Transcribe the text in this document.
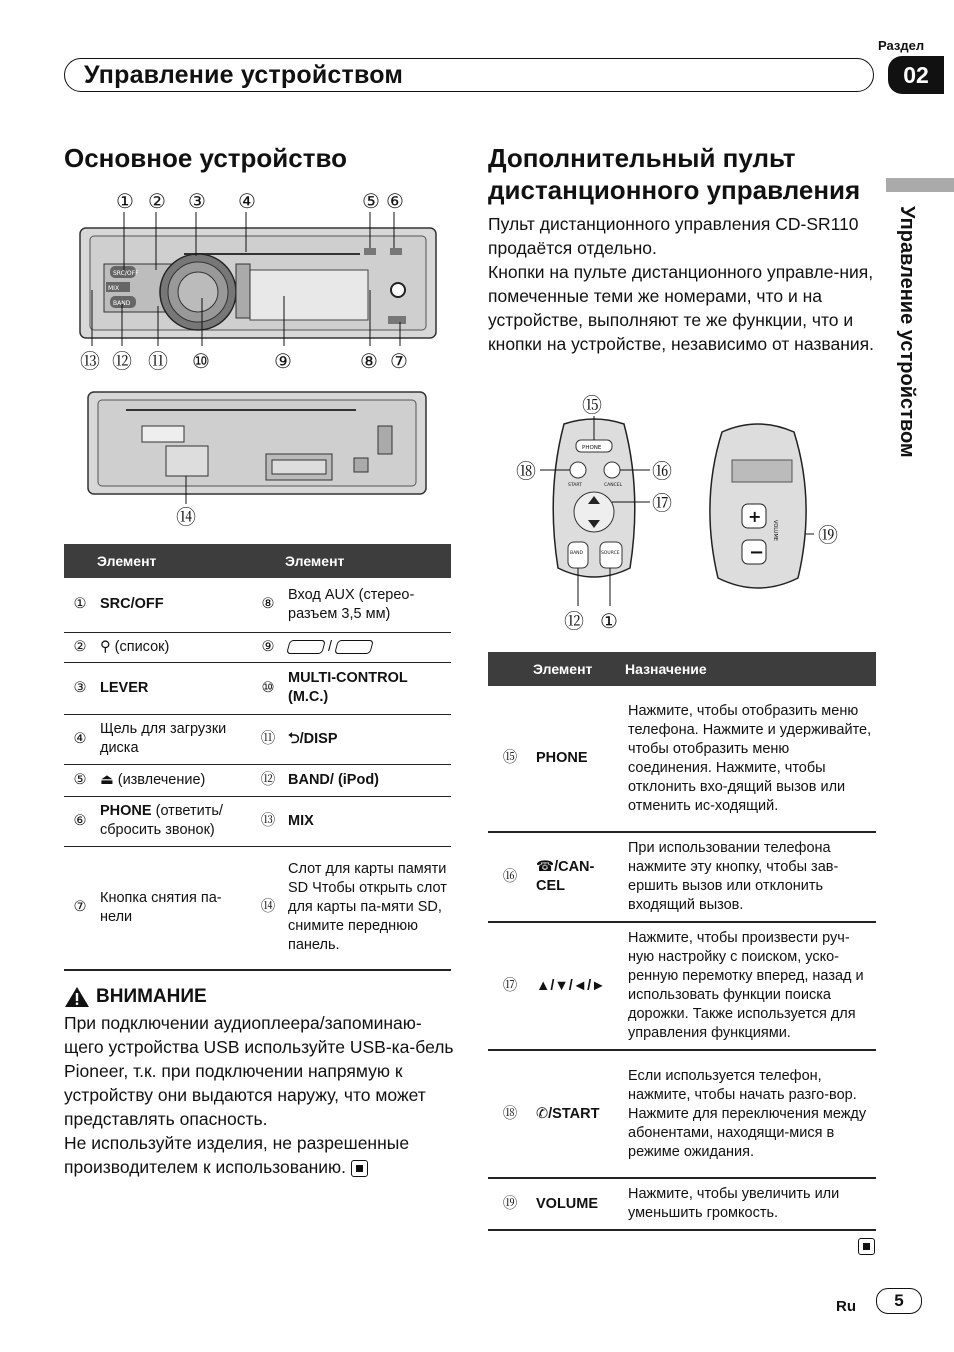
Раздел
Управление устройством	02
Управление устройством
Основное устройство
① ② ③ ④	⑤ ⑥
SRC/OFF
MIX
BAND
⑬ ⑫ ⑪ ⑩	⑨	⑧ ⑦
⑭
	Элемент		Элемент
①	SRC/OFF	⑧	Вход AUX (стерео-разъем 3,5 мм)
②	⚲ (список)	⑨	/
③	LEVER	⑩	MULTI-CONTROL (M.C.)
④	Щель для загрузки диска	⑪	⮌/DISP
⑤	⏏ (извлечение)	⑫	BAND/ (iPod)
⑥	PHONE (ответить/ сбросить звонок)	⑬	MIX
⑦	Кнопка снятия па-нели	⑭	Слот для карты памяти SD Чтобы открыть слот для карты па-мяти SD, снимите переднюю панель.
ВНИМАНИЕ
При подключении аудиоплеера/запоминаю-щего устройства USB используйте USB-ка-бель Pioneer, т.к. при подключении напрямую к устройству они выдаются наружу, что может представлять опасность.
Не используйте изделия, не разрешенные производителем к использованию.
Дополнительный пульт дистанционного управления
Пульт дистанционного управления CD-SR110 продаётся отдельно.
Кнопки на пульте дистанционного управле-ния, помеченные теми же номерами, что и на устройстве, выполняют те же функции, что и кнопки на устройстве, независимо от названия.
⑮
⑯
⑰
⑱
⑲
⑫ ①
PHONE
START	CANCEL
BAND	SOURCE
+
−
VOLUME
	Элемент	Назначение
⑮	PHONE	Нажмите, чтобы отобразить меню телефона. Нажмите и удерживайте, чтобы отобразить меню соединения. Нажмите, чтобы отклонить вхо-дящий вызов или отменить ис-ходящий.
⑯	☎/CAN-CEL	При использовании телефона нажмите эту кнопку, чтобы зав-ершить вызов или отклонить входящий вызов.
⑰	▲/▼/◄/►	Нажмите, чтобы произвести руч-ную настройку с поиском, уско-ренную перемотку вперед, назад и использовать функции поиска дорожки. Также используется для управления функциями.
⑱	✆/START	Если используется телефон, нажмите, чтобы начать разго-вор. Нажмите для переключения между абонентами, находящи-мися в режиме ожидания.
⑲	VOLUME	Нажмите, чтобы увеличить или уменьшить громкость.
Ru	5
